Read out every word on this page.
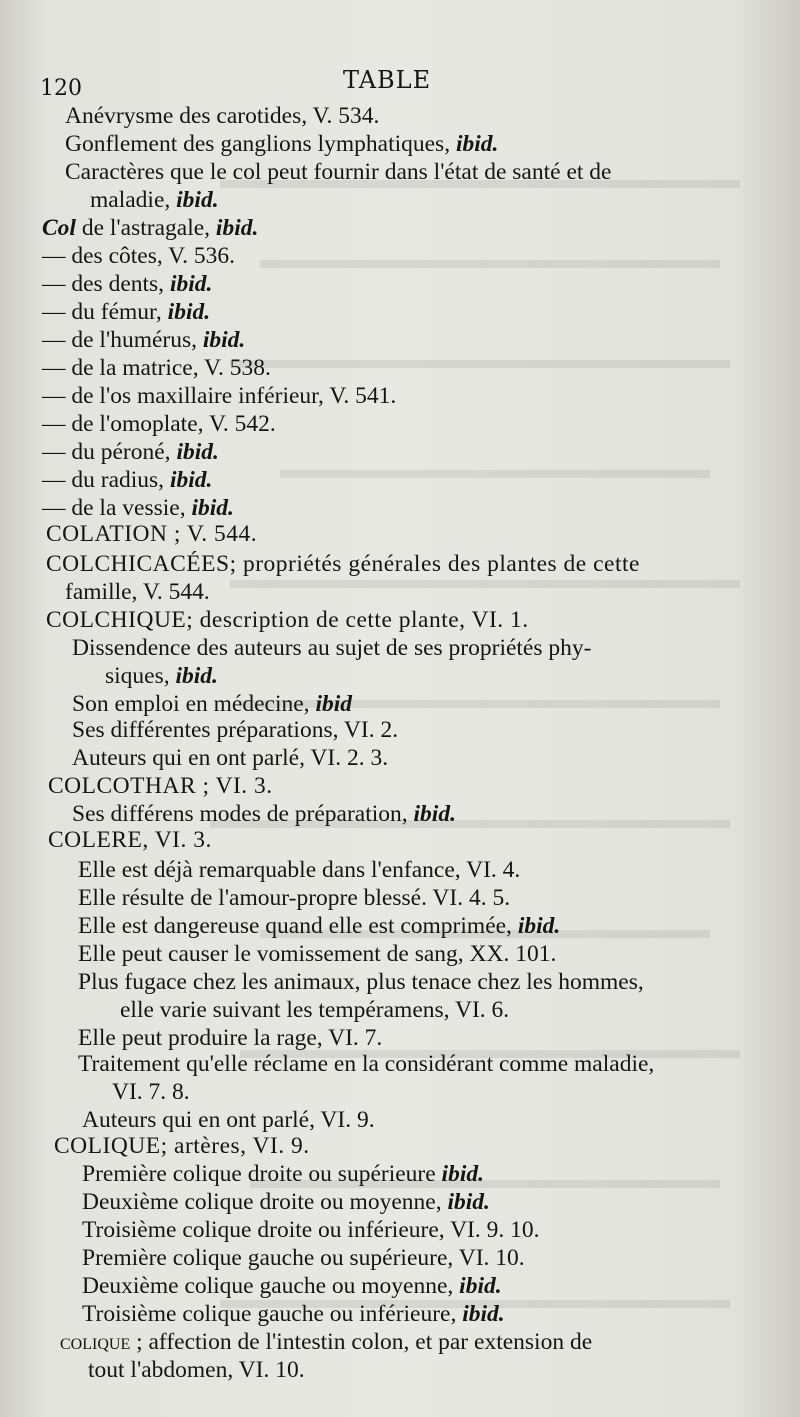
120	TABLE
Anévrysme des carotides, V. 534.
Gonflement des ganglions lymphatiques, ibid.
Caractères que le col peut fournir dans l'état de santé et de
maladie, ibid.
Col de l'astragale, ibid.
— des côtes, V. 536.
— des dents, ibid.
— du fémur, ibid.
— de l'humérus, ibid.
— de la matrice, V. 538.
— de l'os maxillaire inférieur, V. 541.
— de l'omoplate, V. 542.
— du péroné, ibid.
— du radius, ibid.
— de la vessie, ibid.
COLATION ; V. 544.
COLCHICACÉES; propriétés générales des plantes de cette
famille, V. 544.
COLCHIQUE; description de cette plante, VI. 1.
Dissendence des auteurs au sujet de ses propriétés phy-
siques, ibid.
Son emploi en médecine, ibid
Ses différentes préparations, VI. 2.
Auteurs qui en ont parlé, VI. 2. 3.
COLCOTHAR ; VI. 3.
Ses différens modes de préparation, ibid.
COLERE, VI. 3.
Elle est déjà remarquable dans l'enfance, VI. 4.
Elle résulte de l'amour-propre blessé. VI. 4. 5.
Elle est dangereuse quand elle est comprimée, ibid.
Elle peut causer le vomissement de sang, XX. 101.
Plus fugace chez les animaux, plus tenace chez les hommes,
elle varie suivant les tempéramens, VI. 6.
Elle peut produire la rage, VI. 7.
Traitement qu'elle réclame en la considérant comme maladie,
VI. 7. 8.
Auteurs qui en ont parlé, VI. 9.
COLIQUE; artères, VI. 9.
Première colique droite ou supérieure ibid.
Deuxième colique droite ou moyenne, ibid.
Troisième colique droite ou inférieure, VI. 9. 10.
Première colique gauche ou supérieure, VI. 10.
Deuxième colique gauche ou moyenne, ibid.
Troisième colique gauche ou inférieure, ibid.
colique ; affection de l'intestin colon, et par extension de
tout l'abdomen, VI. 10.
